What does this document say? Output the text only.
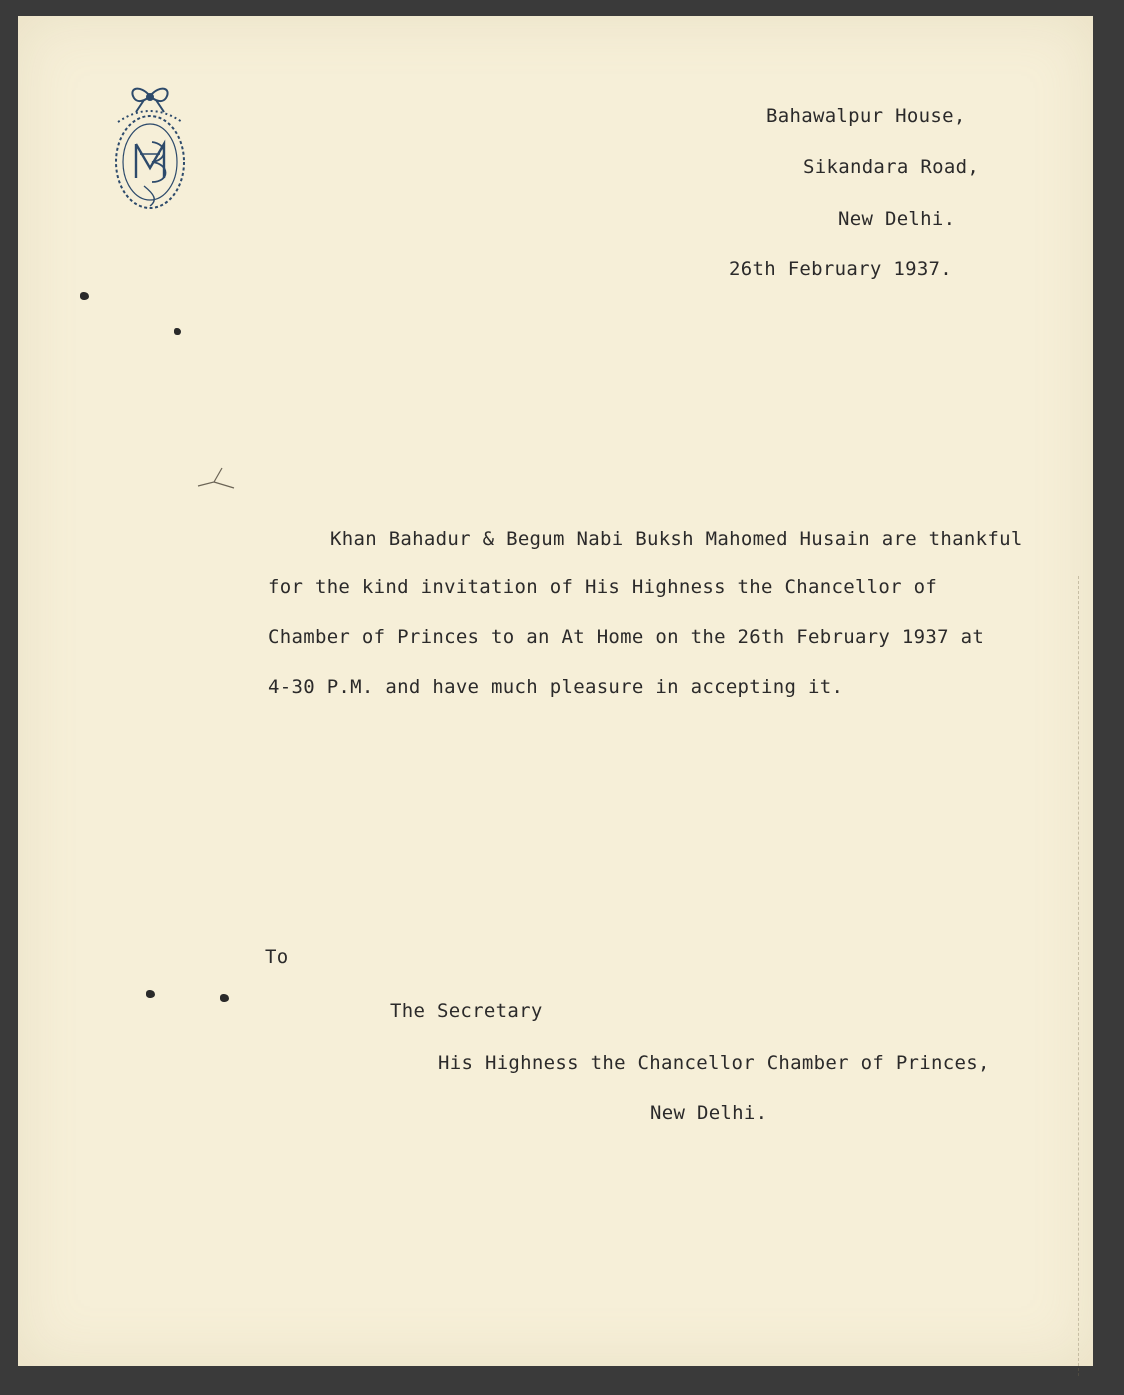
Bahawalpur House,

Sikandara Road,

New Delhi.

26th February 1937.

Khan Bahadur & Begum Nabi Buksh Mahomed Husain are thankful

for the kind invitation of His Highness the Chancellor of

Chamber of Princes to an At Home on the 26th February 1937 at

4-30 P.M. and have much pleasure in accepting it.

To

The Secretary

His Highness the Chancellor Chamber of Princes,

New Delhi.
